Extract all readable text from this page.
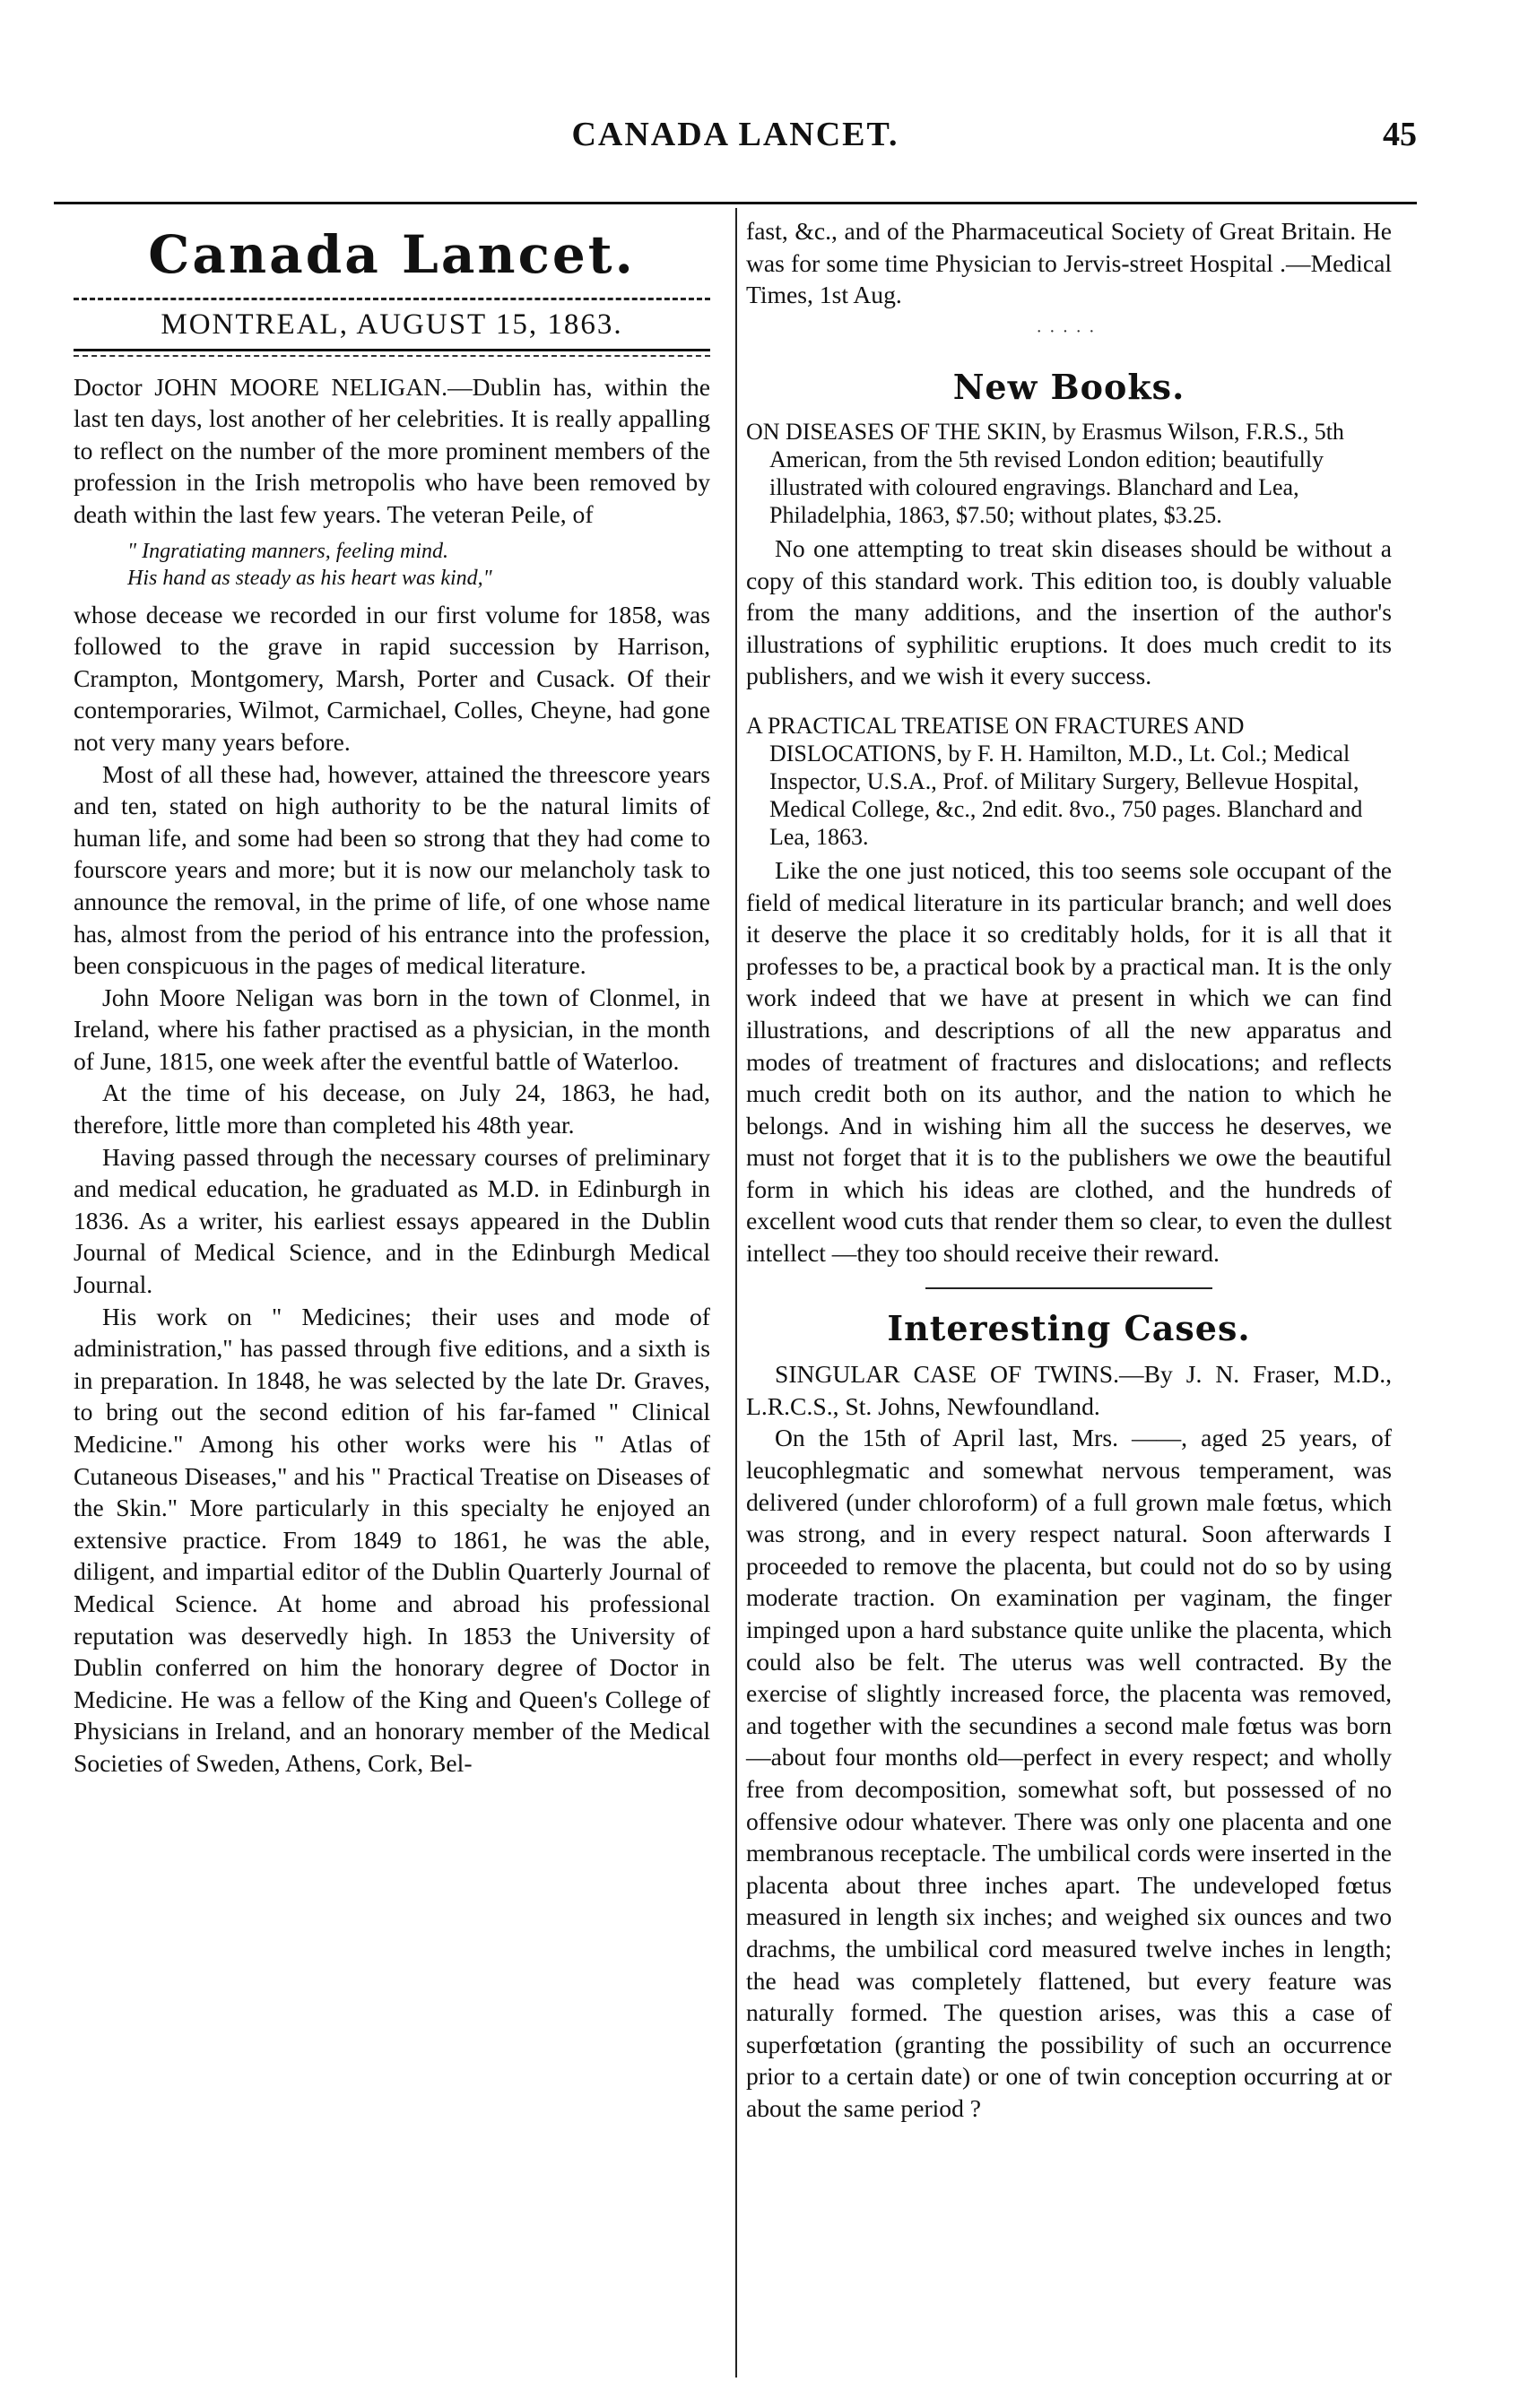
CANADA LANCET.	45
Canada Lancet.
MONTREAL, AUGUST 15, 1863.

Doctor JOHN MOORE NELIGAN.—Dublin has, within the last ten days, lost another of her celebrities. It is really appalling to reflect on the number of the more prominent members of the profession in the Irish metropolis who have been removed by death within the last few years. The veteran Peile, of

" Ingratiating manners, feeling mind.
His hand as steady as his heart was kind,"

whose decease we recorded in our first volume for 1858, was followed to the grave in rapid succession by Harrison, Crampton, Montgomery, Marsh, Porter and Cusack. Of their contemporaries, Wilmot, Carmichael, Colles, Cheyne, had gone not very many years before.

Most of all these had, however, attained the threescore years and ten, stated on high authority to be the natural limits of human life, and some had been so strong that they had come to fourscore years and more; but it is now our melancholy task to announce the removal, in the prime of life, of one whose name has, almost from the period of his entrance into the profession, been conspicuous in the pages of medical literature.

John Moore Neligan was born in the town of Clonmel, in Ireland, where his father practised as a physician, in the month of June, 1815, one week after the eventful battle of Waterloo.

At the time of his decease, on July 24, 1863, he had, therefore, little more than completed his 48th year.

Having passed through the necessary courses of preliminary and medical education, he graduated as M.D. in Edinburgh in 1836. As a writer, his earliest essays appeared in the Dublin Journal of Medical Science, and in the Edinburgh Medical Journal.

His work on " Medicines; their uses and mode of administration," has passed through five editions, and a sixth is in preparation. In 1848, he was selected by the late Dr. Graves, to bring out the second edition of his far-famed " Clinical Medicine." Among his other works were his " Atlas of Cutaneous Diseases," and his " Practical Treatise on Diseases of the Skin." More particularly in this specialty he enjoyed an extensive practice. From 1849 to 1861, he was the able, diligent, and impartial editor of the Dublin Quarterly Journal of Medical Science. At home and abroad his professional reputation was deservedly high. In 1853 the University of Dublin conferred on him the honorary degree of Doctor in Medicine. He was a fellow of the King and Queen's College of Physicians in Ireland, and an honorary member of the Medical Societies of Sweden, Athens, Cork, Bel-

fast, &c., and of the Pharmaceutical Society of Great Britain. He was for some time Physician to Jervis-street Hospital .—Medical Times, 1st Aug.

·····
New Books.

ON DISEASES OF THE SKIN, by Erasmus Wilson, F.R.S., 5th American, from the 5th revised London edition; beautifully illustrated with coloured engravings. Blanchard and Lea, Philadelphia, 1863, $7.50; without plates, $3.25.

No one attempting to treat skin diseases should be without a copy of this standard work. This edition too, is doubly valuable from the many additions, and the insertion of the author's illustrations of syphilitic eruptions. It does much credit to its publishers, and we wish it every success.

A PRACTICAL TREATISE ON FRACTURES AND DISLOCATIONS, by F. H. Hamilton, M.D., Lt. Col.; Medical Inspector, U.S.A., Prof. of Military Surgery, Bellevue Hospital, Medical College, &c., 2nd edit. 8vo., 750 pages. Blanchard and Lea, 1863.

Like the one just noticed, this too seems sole occupant of the field of medical literature in its particular branch; and well does it deserve the place it so creditably holds, for it is all that it professes to be, a practical book by a practical man. It is the only work indeed that we have at present in which we can find illustrations, and descriptions of all the new apparatus and modes of treatment of fractures and dislocations; and reflects much credit both on its author, and the nation to which he belongs. And in wishing him all the success he deserves, we must not forget that it is to the publishers we owe the beautiful form in which his ideas are clothed, and the hundreds of excellent wood cuts that render them so clear, to even the dullest intellect —they too should receive their reward.

Interesting Cases.

SINGULAR CASE OF TWINS.—By J. N. Fraser, M.D., L.R.C.S., St. Johns, Newfoundland.

On the 15th of April last, Mrs. ——, aged 25 years, of leucophlegmatic and somewhat nervous temperament, was delivered (under chloroform) of a full grown male fœtus, which was strong, and in every respect natural. Soon afterwards I proceeded to remove the placenta, but could not do so by using moderate traction. On examination per vaginam, the finger impinged upon a hard substance quite unlike the placenta, which could also be felt. The uterus was well contracted. By the exercise of slightly increased force, the placenta was removed, and together with the secundines a second male fœtus was born—about four months old—perfect in every respect; and wholly free from decomposition, somewhat soft, but possessed of no offensive odour whatever. There was only one placenta and one membranous receptacle. The umbilical cords were inserted in the placenta about three inches apart. The undeveloped fœtus measured in length six inches; and weighed six ounces and two drachms, the umbilical cord measured twelve inches in length; the head was completely flattened, but every feature was naturally formed. The question arises, was this a case of superfœtation (granting the possibility of such an occurrence prior to a certain date) or one of twin conception occurring at or about the same period ?
